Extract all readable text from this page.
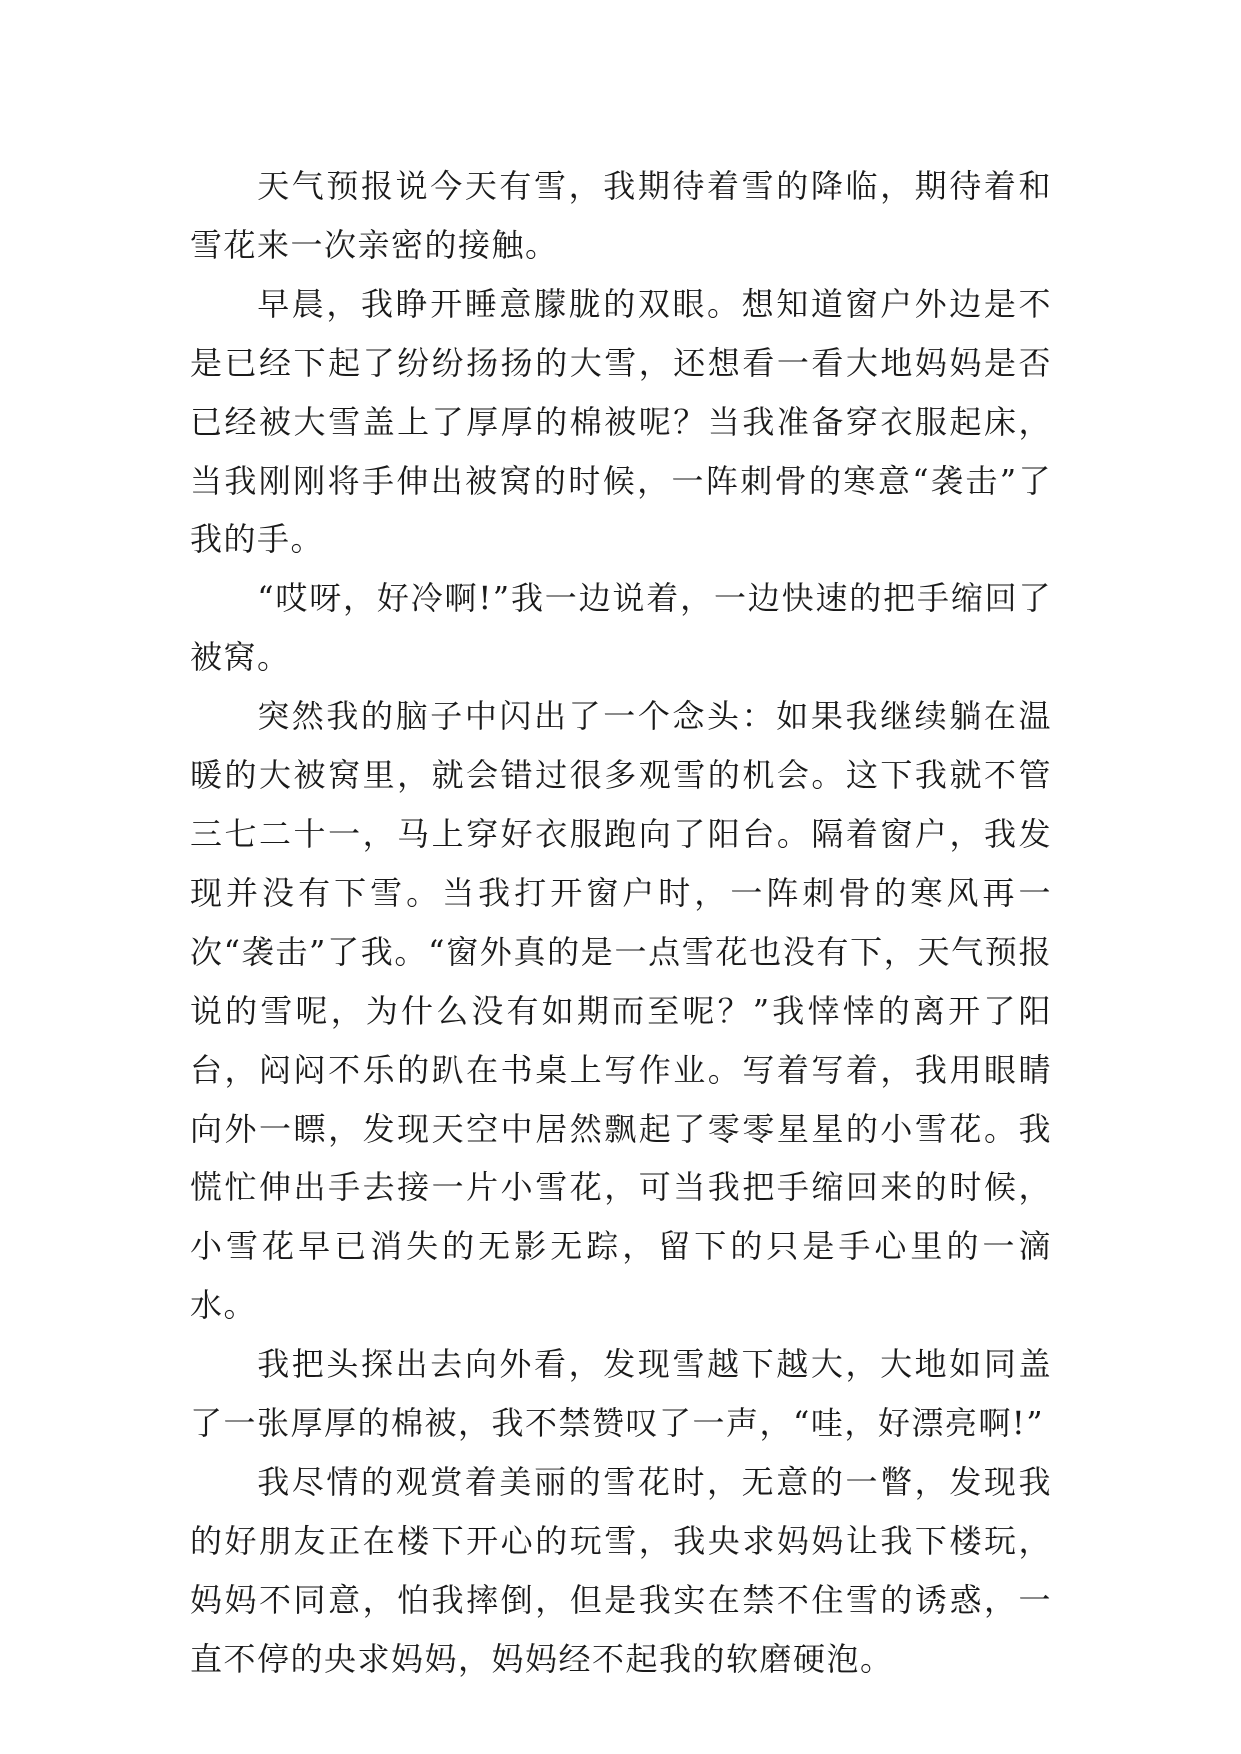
天气预报说今天有雪，我期待着雪的降临，期待着和雪花来一次亲密的接触。

早晨，我睁开睡意朦胧的双眼。想知道窗户外边是不是已经下起了纷纷扬扬的大雪，还想看一看大地妈妈是否已经被大雪盖上了厚厚的棉被呢？当我准备穿衣服起床，当我刚刚将手伸出被窝的时候，一阵刺骨的寒意“袭击”了我的手。

“哎呀，好冷啊!”我一边说着，一边快速的把手缩回了被窝。

突然我的脑子中闪出了一个念头：如果我继续躺在温暖的大被窝里，就会错过很多观雪的机会。这下我就不管三七二十一，马上穿好衣服跑向了阳台。隔着窗户，我发现并没有下雪。当我打开窗户时，一阵刺骨的寒风再一次“袭击”了我。“窗外真的是一点雪花也没有下，天气预报说的雪呢，为什么没有如期而至呢？”我悻悻的离开了阳台，闷闷不乐的趴在书桌上写作业。写着写着，我用眼睛向外一瞟，发现天空中居然飘起了零零星星的小雪花。我慌忙伸出手去接一片小雪花，可当我把手缩回来的时候，小雪花早已消失的无影无踪，留下的只是手心里的一滴水。

我把头探出去向外看，发现雪越下越大，大地如同盖了一张厚厚的棉被，我不禁赞叹了一声，“哇，好漂亮啊!”

我尽情的观赏着美丽的雪花时，无意的一瞥，发现我的好朋友正在楼下开心的玩雪，我央求妈妈让我下楼玩，妈妈不同意，怕我摔倒，但是我实在禁不住雪的诱惑，一直不停的央求妈妈，妈妈经不起我的软磨硬泡。
